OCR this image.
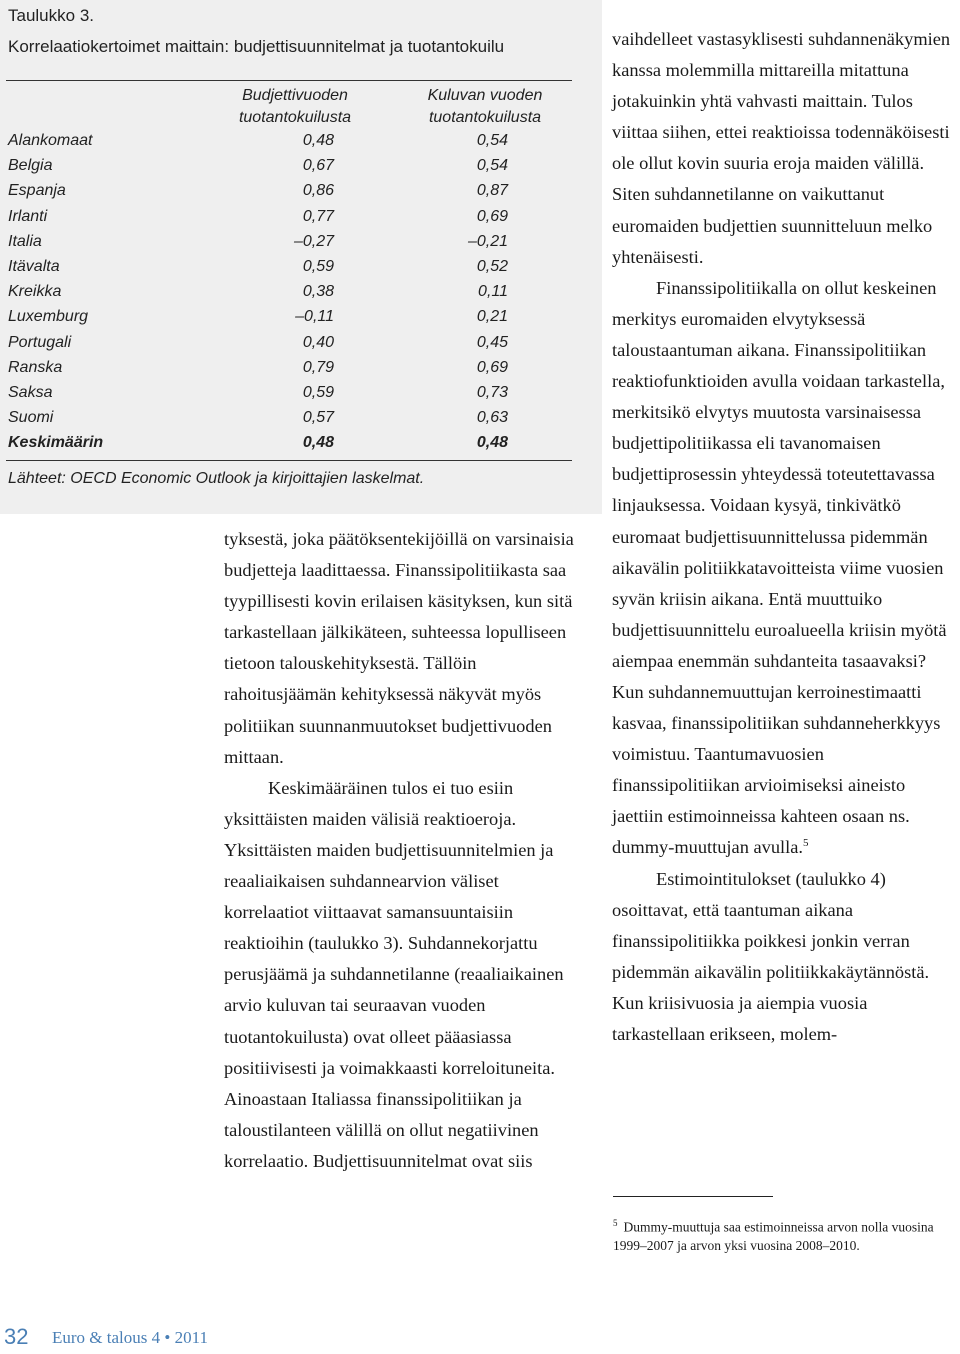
Taulukko 3.
Korrelaatiokertoimet maittain: budjettisuunnitelmat ja tuotantokuilu
Budjettivuoden
tuotantokuilusta
Kuluvan vuoden
tuotantokuilusta
Alankomaat	0,48	0,54
Belgia	0,67	0,54
Espanja	0,86	0,87
Irlanti	0,77	0,69
Italia	–0,27	–0,21
Itävalta	0,59	0,52
Kreikka	0,38	0,11
Luxemburg	–0,11	0,21
Portugali	0,40	0,45
Ranska	0,79	0,69
Saksa	0,59	0,73
Suomi	0,57	0,63
Keskimäärin	0,48	0,48
Lähteet: OECD Economic Outlook ja kirjoittajien laskelmat.

tyksestä, joka päätöksentekijöillä on varsinaisia budjetteja laadittaessa. Finanssipolitiikasta saa tyypillisesti kovin erilaisen käsityksen, kun sitä tarkastellaan jälkikäteen, suhteessa lopulliseen tietoon talouskehityksestä. Tällöin rahoitusjäämän kehityksessä näkyvät myös politiikan suunnanmuutokset budjettivuoden mittaan.

Keskimääräinen tulos ei tuo esiin yksittäisten maiden välisiä reaktioeroja. Yksittäisten maiden budjettisuunnitelmien ja reaaliaikaisen suhdannearvion väliset korrelaatiot viittaavat samansuuntaisiin reaktioihin (taulukko 3). Suhdannekorjattu perusjäämä ja suhdannetilanne (reaaliaikainen arvio kuluvan tai seuraavan vuoden tuotantokuilusta) ovat olleet pääasiassa positiivisesti ja voimakkaasti korreloituneita. Ainoastaan Italiassa finanssipolitiikan ja taloustilanteen välillä on ollut negatiivinen korrelaatio. Budjettisuunnitelmat ovat siis

vaihdelleet vastasyklisesti suhdannenäkymien kanssa molemmilla mittareilla mitattuna jotakuinkin yhtä vahvasti maittain. Tulos viittaa siihen, ettei reaktioissa todennäköisesti ole ollut kovin suuria eroja maiden välillä. Siten suhdannetilanne on vaikuttanut euromaiden budjettien suunnitteluun melko yhtenäisesti.

Finanssipolitiikalla on ollut keskeinen merkitys euromaiden elvytyksessä taloustaantuman aikana. Finanssipolitiikan reaktiofunktioiden avulla voidaan tarkastella, merkitsikö elvytys muutosta varsinaisessa budjettipolitiikassa eli tavanomaisen budjettiprosessin yhteydessä toteutettavassa linjauksessa. Voidaan kysyä, tinkivätkö euromaat budjettisuunnittelussa pidemmän aikavälin politiikkatavoitteista viime vuosien syvän kriisin aikana. Entä muuttuiko budjettisuunnittelu euroalueella kriisin myötä aiempaa enemmän suhdanteita tasaavaksi? Kun suhdannemuuttujan kerroinestimaatti kasvaa, finanssipolitiikan suhdanneherkkyys voimistuu. Taantumavuosien finanssipolitiikan arvioimiseksi aineisto jaettiin estimoinneissa kahteen osaan ns. dummy-muuttujan avulla.$^5$

Estimointitulokset (taulukko 4) osoittavat, että taantuman aikana finanssipolitiikka poikkesi jonkin verran pidemmän aikavälin politiikkakäytännöstä. Kun kriisivuosia ja aiempia vuosia tarkastellaan erikseen, molem-

$^5$ Dummy-muuttuja saa estimoinneissa arvon nolla vuosina 1999–2007 ja arvon yksi vuosina 2008–2010.
32 Euro & talous 4 • 2011
